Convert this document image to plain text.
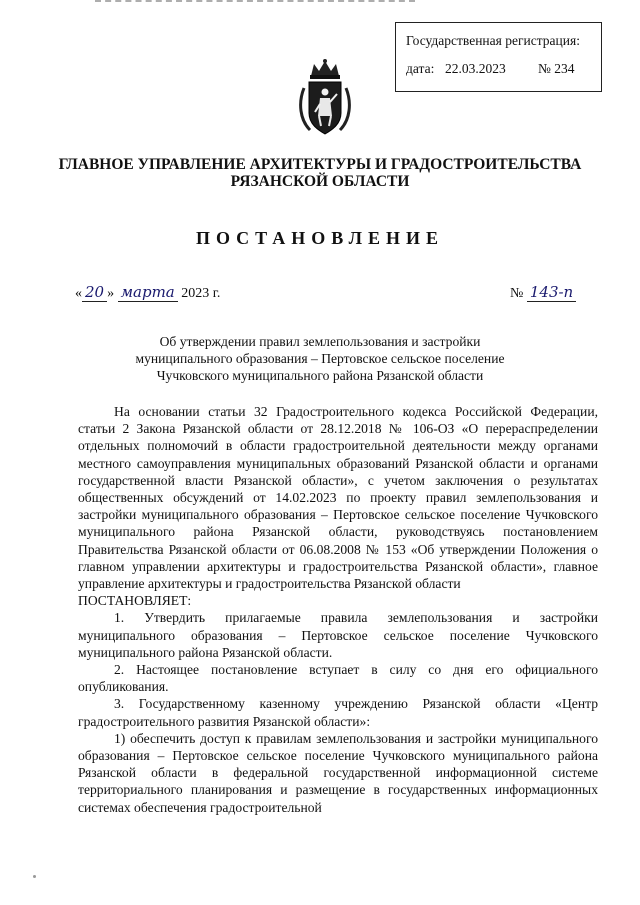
Государственная регистрация:
дата: 22.03.2023 № 234
ГЛАВНОЕ УПРАВЛЕНИЕ АРХИТЕКТУРЫ И ГРАДОСТРОИТЕЛЬСТВА
РЯЗАНСКОЙ ОБЛАСТИ
ПОСТАНОВЛЕНИЕ
« 20 » марта 2023 г.	№ 143-п
Об утверждении правил землепользования и застройки
муниципального образования – Пертовское сельское поселение
Чучковского муниципального района Рязанской области

На основании статьи 32 Градостроительного кодекса Российской Федерации, статьи 2 Закона Рязанской области от 28.12.2018 № 106-ОЗ «О перераспределении отдельных полномочий в области градостроительной деятельности между органами местного самоуправления муниципальных образований Рязанской области и органами государственной власти Рязанской области», с учетом заключения о результатах общественных обсуждений от 14.02.2023 по проекту правил землепользования и застройки муниципального образования – Пертовское сельское поселение Чучковского муниципального района Рязанской области, руководствуясь постановлением Правительства Рязанской области от 06.08.2008 № 153 «Об утверждении Положения о главном управлении архитектуры и градостроительства Рязанской области», главное управление архитектуры и градостроительства Рязанской области

ПОСТАНОВЛЯЕТ:

1. Утвердить прилагаемые правила землепользования и застройки муниципального образования – Пертовское сельское поселение Чучковского муниципального района Рязанской области.

2. Настоящее постановление вступает в силу со дня его официального опубликования.

3. Государственному казенному учреждению Рязанской области «Центр градостроительного развития Рязанской области»:

1) обеспечить доступ к правилам землепользования и застройки муниципального образования – Пертовское сельское поселение Чучковского муниципального района Рязанской области в федеральной государственной информационной системе территориального планирования и размещение в государственных информационных системах обеспечения градостроительной
